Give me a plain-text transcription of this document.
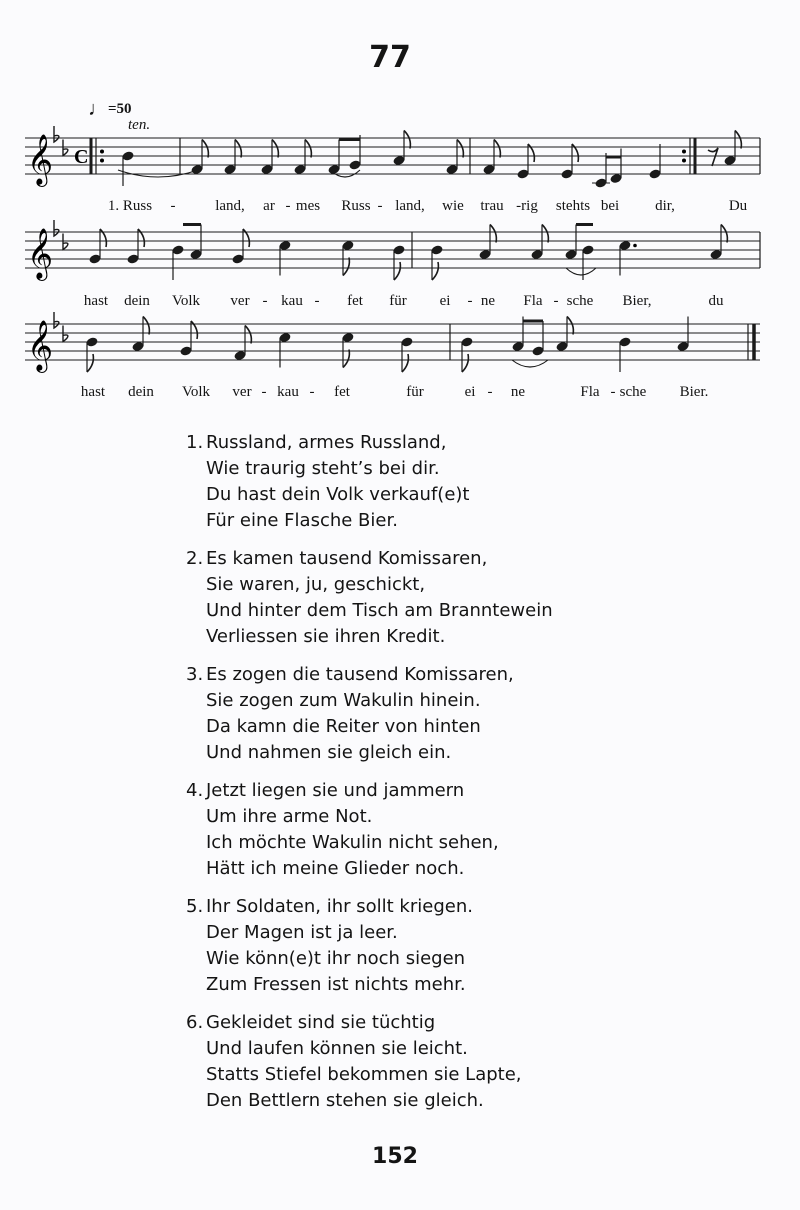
77
♩=50
ten.
𝄞 C
1. Russ -	land, ar - mes Russ - land, wie trau -rig stehts bei dir,	Du
𝄞
hast dein Volk ver - kau - fet für ei - ne Fla - sche Bier,	du
𝄞
hast dein Volk ver - kau - fet	für	ei - ne	Fla - sche Bier.
1. Russland, armes Russland,
Wie traurig steht’s bei dir.
Du hast dein Volk verkauf(e)t
Für eine Flasche Bier.
2. Es kamen tausend Komissaren,
Sie waren, ju, geschickt,
Und hinter dem Tisch am Branntewein
Verliessen sie ihren Kredit.
3. Es zogen die tausend Komissaren,
Sie zogen zum Wakulin hinein.
Da kamn die Reiter von hinten
Und nahmen sie gleich ein.
4. Jetzt liegen sie und jammern
Um ihre arme Not.
Ich möchte Wakulin nicht sehen,
Hätt ich meine Glieder noch.
5. Ihr Soldaten, ihr sollt kriegen.
Der Magen ist ja leer.
Wie könn(e)t ihr noch siegen
Zum Fressen ist nichts mehr.
6. Gekleidet sind sie tüchtig
Und laufen können sie leicht.
Statts Stiefel bekommen sie Lapte,
Den Bettlern stehen sie gleich.
152
